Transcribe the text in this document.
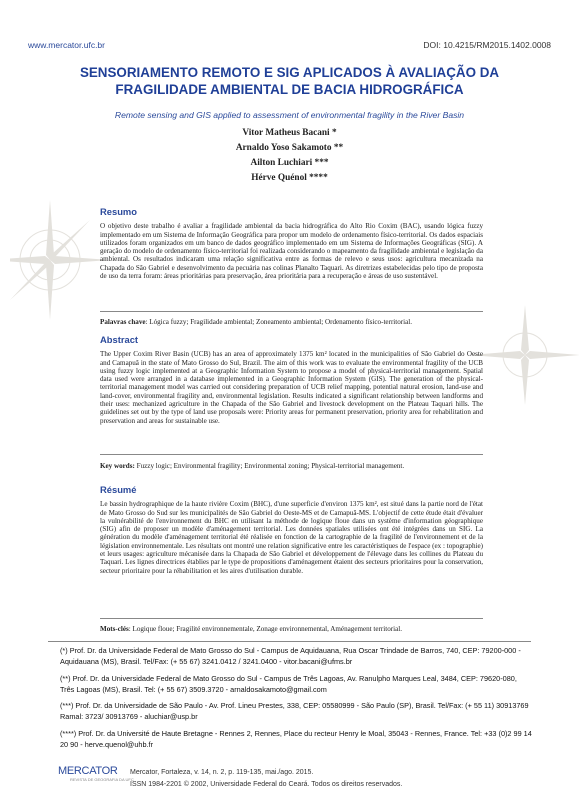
www.mercator.ufc.br	DOI: 10.4215/RM2015.1402.0008
SENSORIAMENTO REMOTO E SIG APLICADOS À AVALIAÇÃO DA
FRAGILIDADE AMBIENTAL DE BACIA HIDROGRÁFICA
Remote sensing and GIS applied to assessment of environmental fragility in the River Basin
Vitor Matheus Bacani *
Arnaldo Yoso Sakamoto **
Ailton Luchiari ***
Hérve Quénol ****
Resumo

O objetivo deste trabalho é avaliar a fragilidade ambiental da bacia hidrográfica do Alto Rio Coxim (BAC), usando lógica fuzzy implementado em um Sistema de Informação Geográfica para propor um modelo de ordenamento físico-territorial. Os dados espaciais utilizados foram organizados em um banco de dados geográfico implementado em um Sistema de Informações Geográficas (SIG). A geração do modelo de ordenamento físico-territorial foi realizada considerando o mapeamento da fragilidade ambiental e legislação da ambiental. Os resultados indicaram uma relação significativa entre as formas de relevo e seus usos: agricultura mecanizada na Chapada do São Gabriel e desenvolvimento da pecuária nas colinas Planalto Taquari. As diretrizes estabelecidas pelo tipo de proposta de uso da terra foram: áreas prioritárias para preservação, área prioritária para a recuperação e áreas de uso sustentável.

Palavras chave: Lógica fuzzy; Fragilidade ambiental; Zoneamento ambiental; Ordenamento físico-territorial.
Abstract

The Upper Coxim River Basin (UCB) has an area of approximately 1375 km² located in the municipalities of São Gabriel do Oeste and Camapuã in the state of Mato Grosso do Sul, Brazil. The aim of this work was to evaluate the environmental fragility of the UCB using fuzzy logic implemented at a Geographic Information System to propose a model of physical-territorial management. Spatial data used were arranged in a database implemented in a Geographic Information System (GIS). The generation of the physical-territorial management model was carried out considering preparation of UCB relief mapping, potential natural erosion, land-use and land-cover, environmental fragility and, environmental legislation. Results indicated a significant relationship between landforms and their uses: mechanized agriculture in the Chapada of the São Gabriel and livestock development on the Plateau Taquari hills. The guidelines set out by the type of land use proposals were: Priority areas for permanent preservation, priority area for rehabilitation and preservation and areas for sustainable use.

Key words: Fuzzy logic; Environmental fragility; Environmental zoning; Physical-territorial management.
Résumé

Le bassin hydrographique de la haute rivière Coxim (BHC), d'une superficie d'environ 1375 km², est situé dans la partie nord de l'état de Mato Grosso do Sud sur les municipalités de São Gabriel do Oeste-MS et de Camapuã-MS. L'objectif de cette étude était d'évaluer la vulnérabilité de l'environnement du BHC en utilisant la méthode de logique floue dans un système d'information géographique (SIG) afin de proposer un modèle d'aménagement territorial. Les données spatiales utilisées ont été intégrées dans un SIG. La génération du modèle d'aménagement territorial été réalisée en fonction de la cartographie de la fragilité de l'environnement et de la législation environnementale. Les résultats ont montré une relation significative entre les caractéristiques de l'espace (ex : topographie) et leurs usages: agriculture mécanisée dans la Chapada de São Gabriel et développement de l'élevage dans les collines du Plateau du Taquari. Les lignes directrices établies par le type de propositions d'aménagement étaient des secteurs prioritaires pour la conservation, secteur prioritaire pour la réhabilitation et les aires d'utilisation durable.

Mots-clés: Logique floue; Fragilité environnementale, Zonage environnemental, Aménagement territorial.
(*) Prof. Dr. da Universidade Federal de Mato Grosso do Sul - Campus de Aquidauana, Rua Oscar Trindade de Barros, 740, CEP: 79200-000 - Aquidauana (MS), Brasil. Tel/Fax: (+ 55 67) 3241.0412 / 3241.0400 - vitor.bacani@ufms.br
(**) Prof. Dr. da Universidade Federal de Mato Grosso do Sul - Campus de Três Lagoas, Av. Ranulpho Marques Leal, 3484, CEP: 79620-080, Três Lagoas (MS), Brasil. Tel: (+ 55 67) 3509.3720 - arnaldosakamoto@gmail.com
(***) Prof. Dr. da Universidade de São Paulo - Av. Prof. Lineu Prestes, 338, CEP: 05580999 - São Paulo (SP), Brasil. Tel/Fax: (+ 55 11) 30913769 Ramal: 3723/ 30913769 - aluchiar@usp.br
(****) Prof. Dr. da Université de Haute Bretagne - Rennes 2, Rennes, Place du recteur Henry le Moal, 35043 - Rennes, France. Tel: +33 (0)2 99 14 20 90 - herve.quenol@uhb.fr
MERCATOR
REVISTA DE GEOGRAFIA DA UFC
Mercator, Fortaleza, v. 14, n. 2, p. 119-135, mai./ago. 2015.
ISSN 1984-2201 © 2002, Universidade Federal do Ceará. Todos os direitos reservados.
